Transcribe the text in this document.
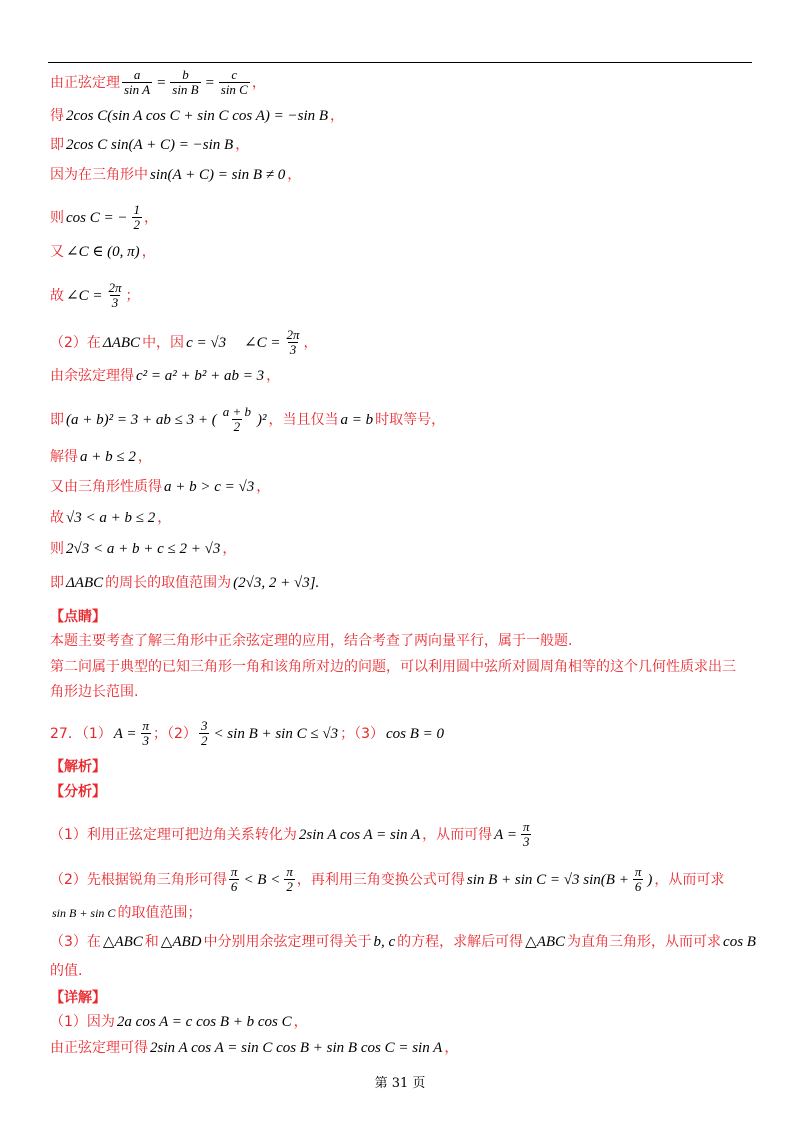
由正弦定理 $\frac{a}{\text{sin A}} = \frac{b}{\text{sin B}} = \frac{c}{\text{sin C}}$ ，
得 2cos C(sin A cos C + sin C cos A) = −sin B ，
即 2cos C sin(A + C) = −sin B ，
因为在三角形中 sin(A + C) = sin B ≠ 0 ，
则 cos C = − $\frac{1}{2}$ ，
又 ∠C ∈ (0, π) ，
故 ∠C = $\frac{2\pi}{3}$ ；
（2）在 ΔABC 中，因 c = √3 ∠C = $\frac{2\pi}{3}$ ，
由余弦定理得 c² = a² + b² + ab = 3 ，
即 (a + b)² = 3 + ab ≤ 3 + ( $\frac{a + b}{2} )^2$ ，当且仅当 a = b 时取等号，
解得 a + b ≤ 2 ，
又由三角形性质得 a + b > c = √3 ，
故 √3 < a + b ≤ 2 ，
则 2√3 < a + b + c ≤ 2 + √3 ，
即 ΔABC 的周长的取值范围为 (2√3, 2 + √3].
【点睛】
本题主要考查了解三角形中正余弦定理的应用，结合考查了两向量平行，属于一般题.
第二问属于典型的已知三角形一角和该角所对边的问题，可以利用圆中弦所对圆周角相等的这个几何性质求出三
角形边长范围.
27．（1） $A = \frac{\pi}{3}$ ；$(2) \frac{3}{2} < \sin B + \sin C \le √3$ ；（3） cos B = 0
【解析】
【分析】
（1）利用正弦定理可把边角关系转化为 2sin A cos A = sin A ，从而可得 $A = \frac{\pi}{3}$
（2）先根据锐角三角形可得 $\frac{\pi}{6} < B < \frac{\pi}{2}$ ，再利用三角变换公式可得 sin B + sin C = √3 $\sin(B + \frac{\pi}{6}$ ) ，从而可求
sin B + sin C 的取值范围；
（3）在 △ABC 和 △ABD 中分别用余弦定理可得关于 b, c 的方程，求解后可得 △ABC 为直角三角形，从而可求 cos B
的值.
【详解】
（1）因为 2a cos A = c cos B + b cos C ，
由正弦定理可得 2sin A cos A = sin C cos B + sin B cos C = sin A ，
第 31 页
